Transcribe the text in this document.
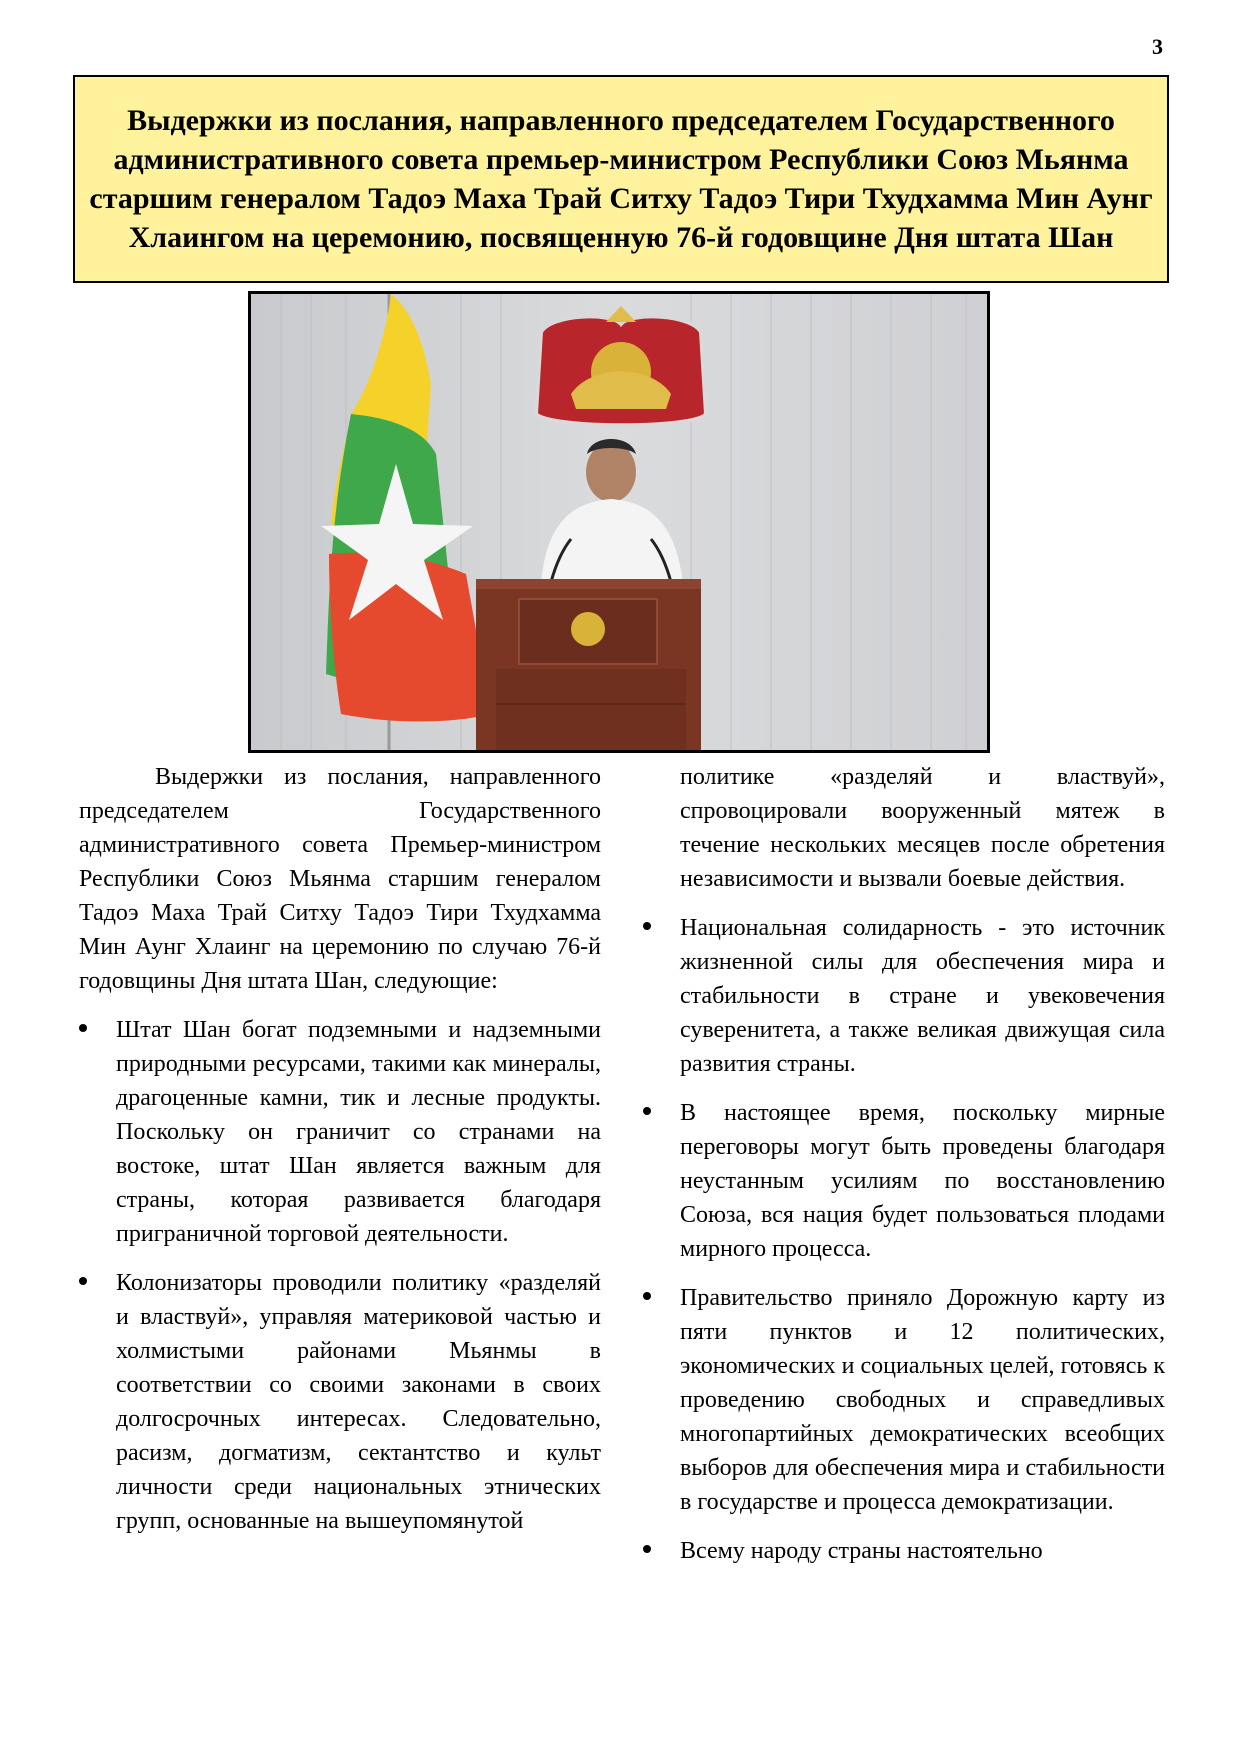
3
Выдержки из послания, направленного председателем Государственного административного совета премьер-министром Республики Союз Мьянма старшим генералом Тадоэ Маха Трай Ситху Тадоэ Тири Тхудхамма Мин Аунг Хлаингом на церемонию, посвященную 76-й годовщине Дня штата Шан

Выдержки из послания, направленного председателем Государственного административного совета Премьер-министром Республики Союз Мьянма старшим генералом Тадоэ Маха Трай Ситху Тадоэ Тири Тхудхамма Мин Аунг Хлаинг на церемонию по случаю 76-й годовщины Дня штата Шан, следующие:

Штат Шан богат подземными и надземными природными ресурсами, такими как минералы, драгоценные камни, тик и лесные продукты. Поскольку он граничит со странами на востоке, штат Шан является важным для страны, которая развивается благодаря приграничной торговой деятельности.
Колонизаторы проводили политику «разделяй и властвуй», управляя материковой частью и холмистыми районами Мьянмы в соответствии со своими законами в своих долгосрочных интересах. Следовательно, расизм, догматизм, сектантство и культ личности среди национальных этнических групп, основанные на вышеупомянутой

политике «разделяй и властвуй», спровоцировали вооруженный мятеж в течение нескольких месяцев после обретения независимости и вызвали боевые действия.

Национальная солидарность - это источник жизненной силы для обеспечения мира и стабильности в стране и увековечения суверенитета, а также великая движущая сила развития страны.
В настоящее время, поскольку мирные переговоры могут быть проведены благодаря неустанным усилиям по восстановлению Союза, вся нация будет пользоваться плодами мирного процесса.
Правительство приняло Дорожную карту из пяти пунктов и 12 политических, экономических и социальных целей, готовясь к проведению свободных и справедливых многопартийных демократических всеобщих выборов для обеспечения мира и стабильности в государстве и процесса демократизации.
Всему народу страны настоятельно
